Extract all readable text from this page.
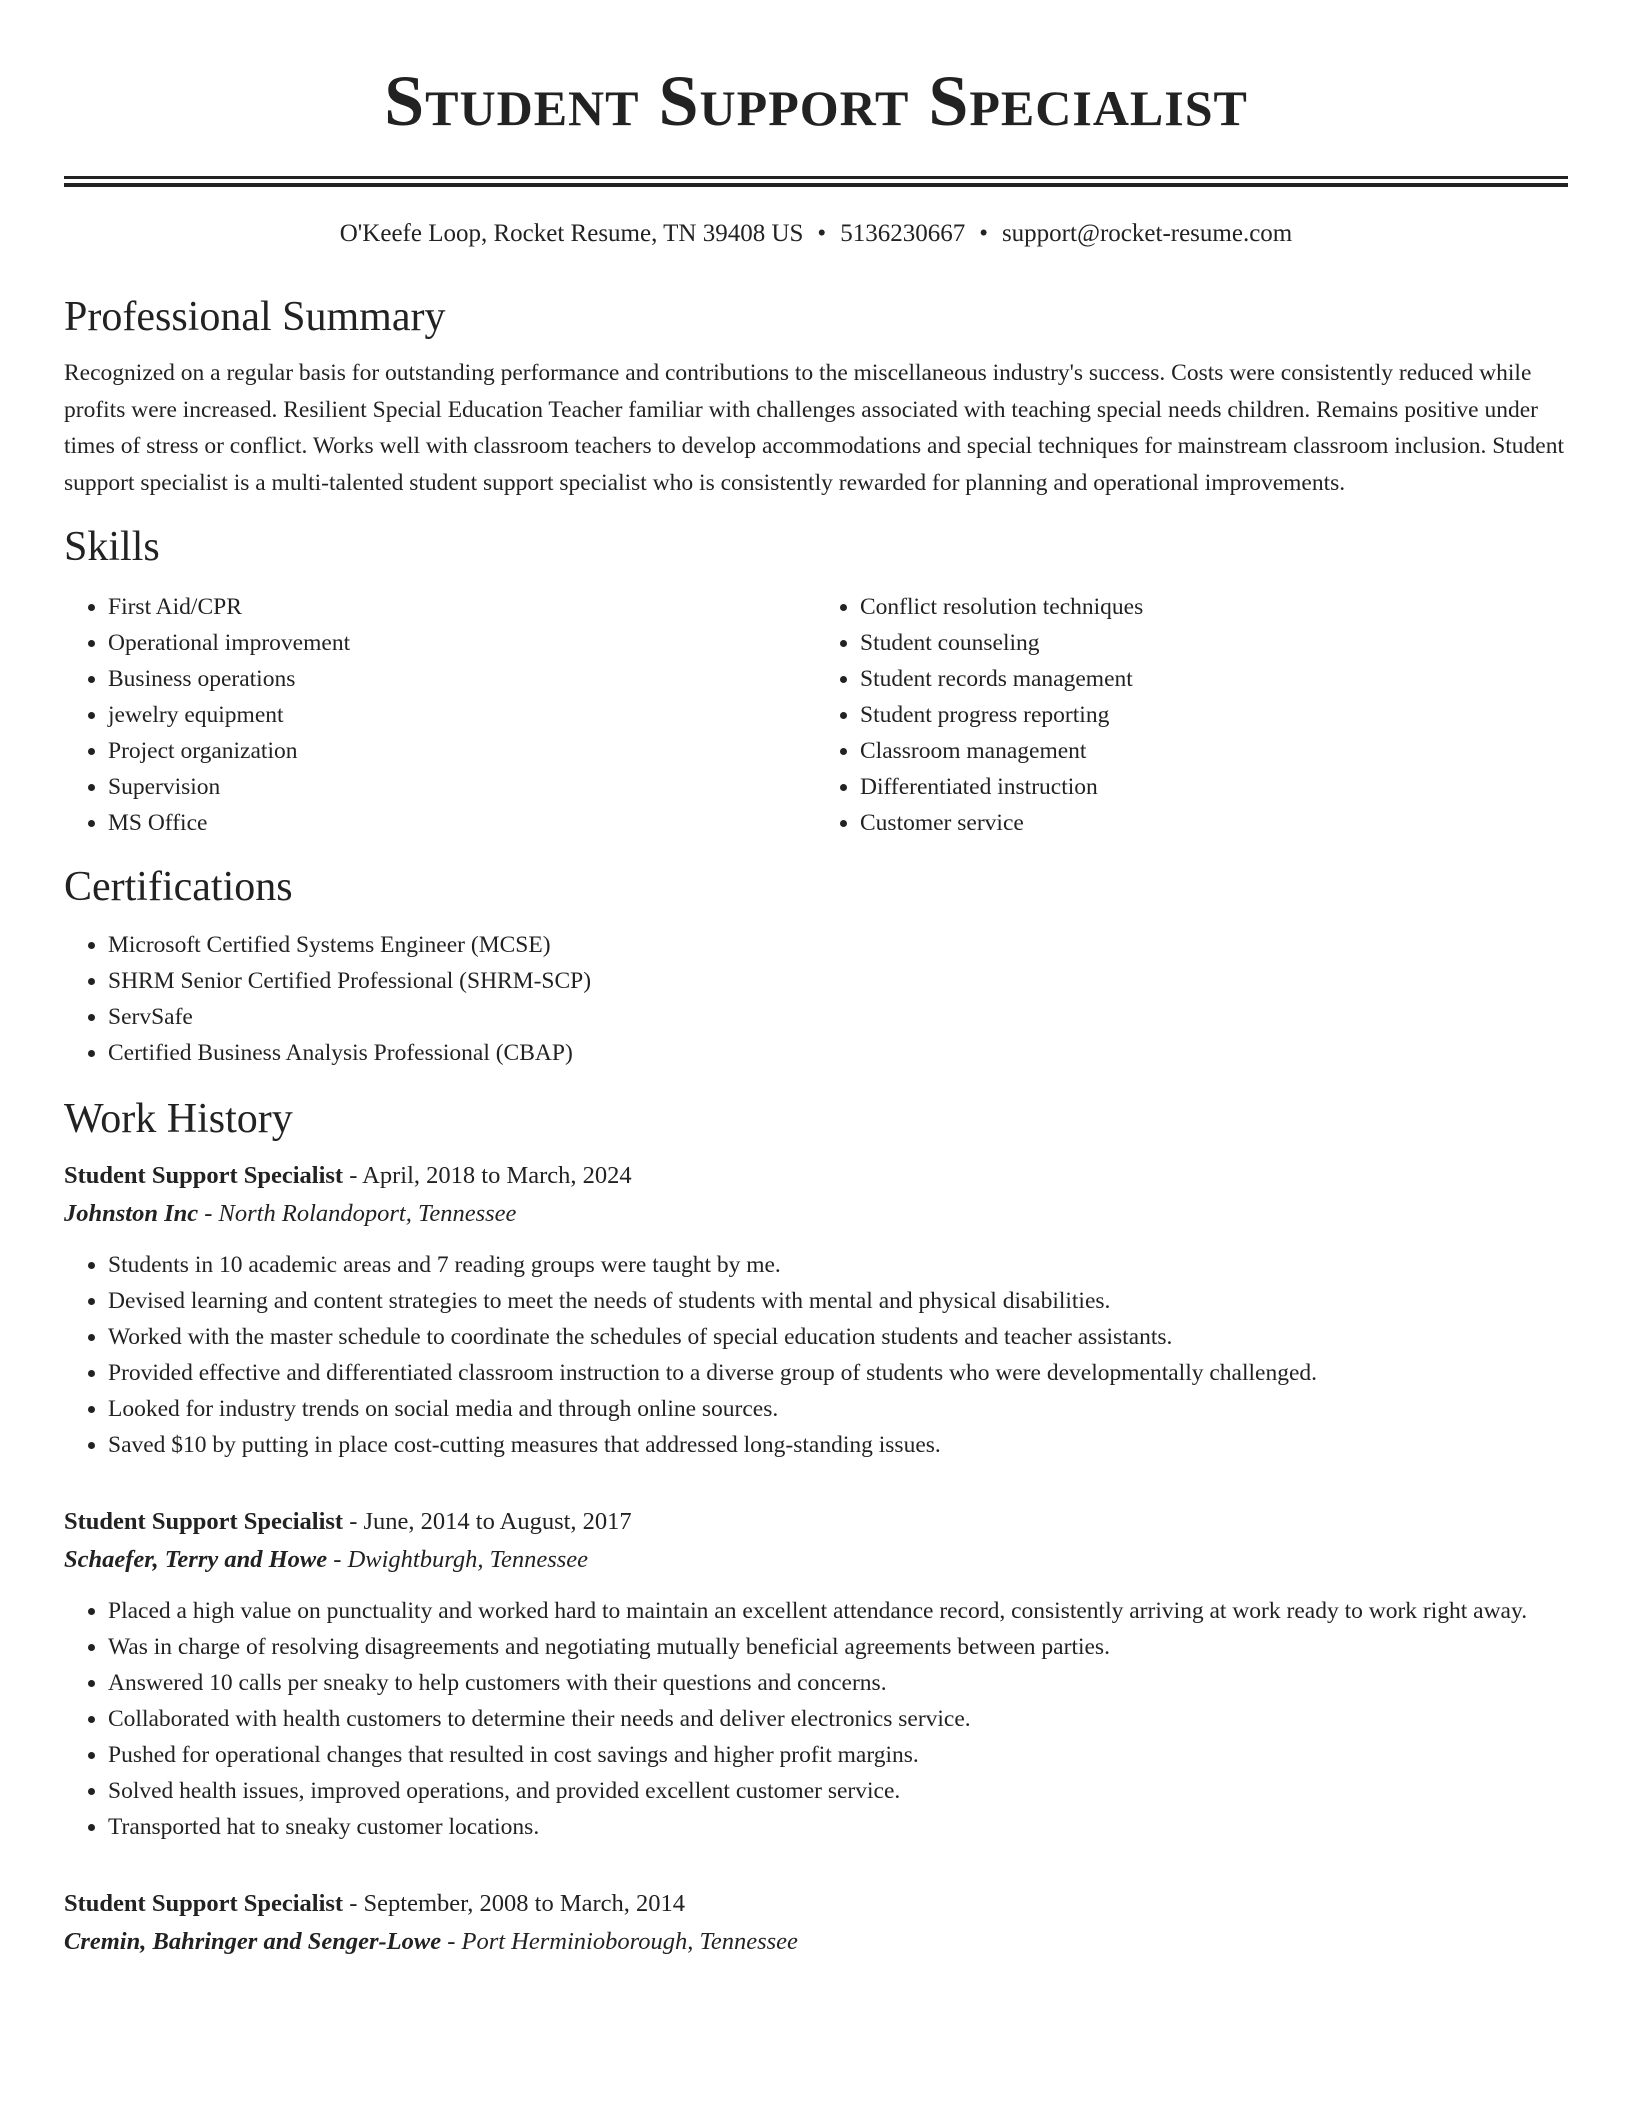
Student Support Specialist
O'Keefe Loop, Rocket Resume, TN 39408 US • 5136230667 • support@rocket-resume.com
Professional Summary

Recognized on a regular basis for outstanding performance and contributions to the miscellaneous industry's success. Costs were consistently reduced while profits were increased. Resilient Special Education Teacher familiar with challenges associated with teaching special needs children. Remains positive under times of stress or conflict. Works well with classroom teachers to develop accommodations and special techniques for mainstream classroom inclusion. Student support specialist is a multi-talented student support specialist who is consistently rewarded for planning and operational improvements.

Skills
• First Aid/CPR
• Operational improvement
• Business operations
• jewelry equipment
• Project organization
• Supervision
• MS Office
• Conflict resolution techniques
• Student counseling
• Student records management
• Student progress reporting
• Classroom management
• Differentiated instruction
• Customer service
Certifications
• Microsoft Certified Systems Engineer (MCSE)
• SHRM Senior Certified Professional (SHRM-SCP)
• ServSafe
• Certified Business Analysis Professional (CBAP)
Work History
Student Support Specialist - April, 2018 to March, 2024
Johnston Inc - North Rolandoport, Tennessee
• Students in 10 academic areas and 7 reading groups were taught by me.
• Devised learning and content strategies to meet the needs of students with mental and physical disabilities.
• Worked with the master schedule to coordinate the schedules of special education students and teacher assistants.
• Provided effective and differentiated classroom instruction to a diverse group of students who were developmentally challenged.
• Looked for industry trends on social media and through online sources.
• Saved $10 by putting in place cost-cutting measures that addressed long-standing issues.
Student Support Specialist - June, 2014 to August, 2017
Schaefer, Terry and Howe - Dwightburgh, Tennessee
• Placed a high value on punctuality and worked hard to maintain an excellent attendance record, consistently arriving at work ready to work right away.
• Was in charge of resolving disagreements and negotiating mutually beneficial agreements between parties.
• Answered 10 calls per sneaky to help customers with their questions and concerns.
• Collaborated with health customers to determine their needs and deliver electronics service.
• Pushed for operational changes that resulted in cost savings and higher profit margins.
• Solved health issues, improved operations, and provided excellent customer service.
• Transported hat to sneaky customer locations.
Student Support Specialist - September, 2008 to March, 2014
Cremin, Bahringer and Senger-Lowe - Port Herminioborough, Tennessee
